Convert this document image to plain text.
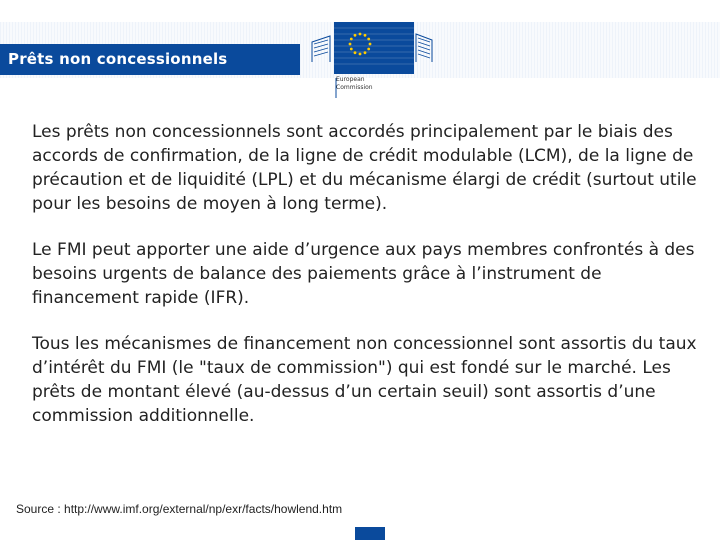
Prêts non concessionnels
European
Commission

Les prêts non concessionnels sont accordés principalement par le biais des accords de confirmation, de la ligne de crédit modulable (LCM), de la ligne de précaution et de liquidité (LPL) et du mécanisme élargi de crédit (surtout utile pour les besoins de moyen à long terme).

Le FMI peut apporter une aide d’urgence aux pays membres confrontés à des besoins urgents de balance des paiements grâce à l’instrument de financement rapide (IFR).

Tous les mécanismes de financement non concessionnel sont assortis du taux d’intérêt du FMI (le "taux de commission") qui est fondé sur le marché. Les prêts de montant élevé (au-dessus d’un certain seuil) sont assortis d’une commission additionnelle.

Source : http://www.imf.org/external/np/exr/facts/howlend.htm
